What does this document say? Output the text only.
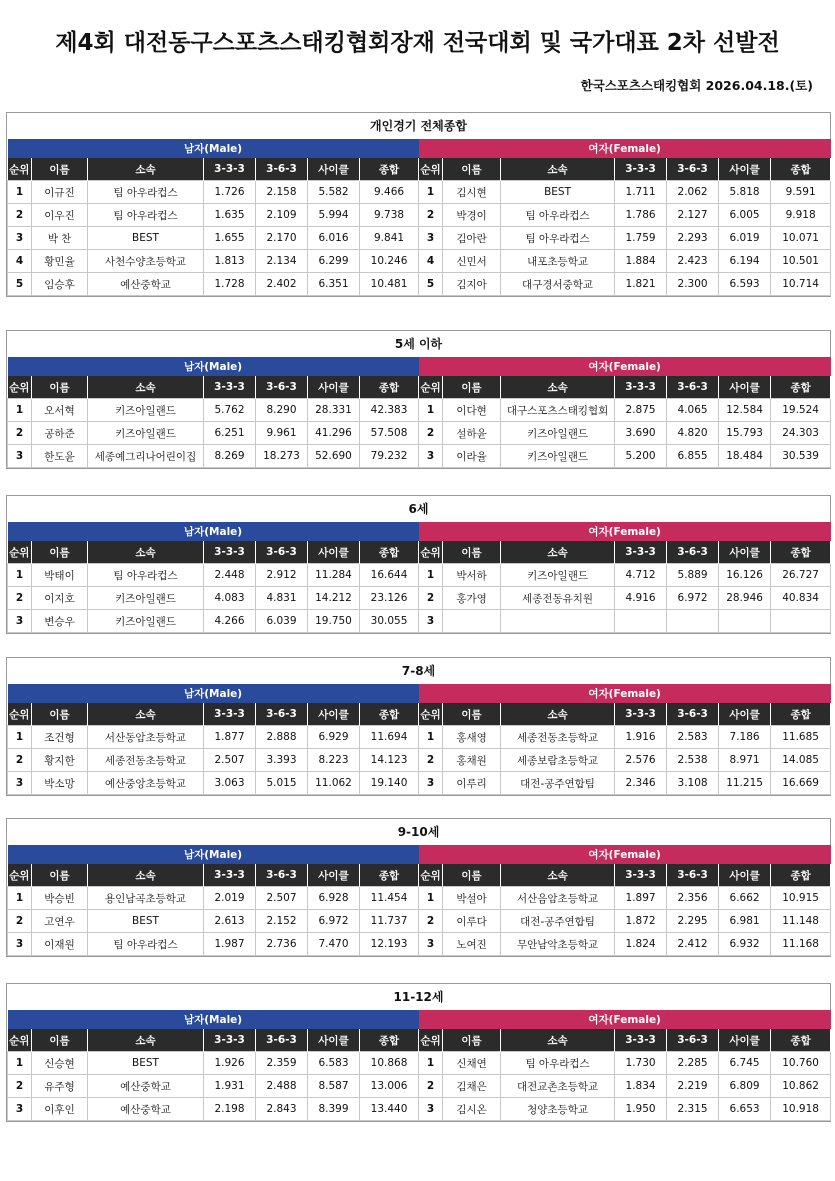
제4회 대전동구스포츠스태킹협회장재 전국대회 및 국가대표 2차 선발전
한국스포츠스태킹협회 2026.04.18.(토)
개인경기 전체종합
남자(Male)							여자(Female)						
순위	이름	소속	3-3-3	3-6-3	사이클	종합	순위	이름	소속	3-3-3	3-6-3	사이클	종합
1	이규진	팀 아우라컵스	1.726	2.158	5.582	9.466	1	김시현	BEST	1.711	2.062	5.818	9.591
2	이우진	팀 아우라컵스	1.635	2.109	5.994	9.738	2	박경이	팀 아우라컵스	1.786	2.127	6.005	9.918
3	박 찬	BEST	1.655	2.170	6.016	9.841	3	김아란	팀 아우라컵스	1.759	2.293	6.019	10.071
4	황민율	사천수양초등학교	1.813	2.134	6.299	10.246	4	신민서	내포초등학교	1.884	2.423	6.194	10.501
5	임승후	예산중학교	1.728	2.402	6.351	10.481	5	김지아	대구경서중학교	1.821	2.300	6.593	10.714
5세 이하
남자(Male)							여자(Female)						
순위	이름	소속	3-3-3	3-6-3	사이클	종합	순위	이름	소속	3-3-3	3-6-3	사이클	종합
1	오서혁	키즈아일랜드	5.762	8.290	28.331	42.383	1	이다현	대구스포츠스태킹협회	2.875	4.065	12.584	19.524
2	공하준	키즈아일랜드	6.251	9.961	41.296	57.508	2	설하윤	키즈아일랜드	3.690	4.820	15.793	24.303
3	한도윤	세종예그리나어린이집	8.269	18.273	52.690	79.232	3	이라율	키즈아일랜드	5.200	6.855	18.484	30.539
6세
남자(Male)							여자(Female)						
순위	이름	소속	3-3-3	3-6-3	사이클	종합	순위	이름	소속	3-3-3	3-6-3	사이클	종합
1	박태이	팀 아우라컵스	2.448	2.912	11.284	16.644	1	박서하	키즈아일랜드	4.712	5.889	16.126	26.727
2	이지호	키즈아일랜드	4.083	4.831	14.212	23.126	2	홍가영	세종전동유치원	4.916	6.972	28.946	40.834
3	변승우	키즈아일랜드	4.266	6.039	19.750	30.055	3						
7-8세
남자(Male)							여자(Female)						
순위	이름	소속	3-3-3	3-6-3	사이클	종합	순위	이름	소속	3-3-3	3-6-3	사이클	종합
1	조건형	서산동암초등학교	1.877	2.888	6.929	11.694	1	홍새영	세종전동초등학교	1.916	2.583	7.186	11.685
2	황지한	세종전동초등학교	2.507	3.393	8.223	14.123	2	홍채원	세종보람초등학교	2.576	2.538	8.971	14.085
3	박소망	예산중앙초등학교	3.063	5.015	11.062	19.140	3	이루리	대전-공주연합팀	2.346	3.108	11.215	16.669
9-10세
남자(Male)							여자(Female)						
순위	이름	소속	3-3-3	3-6-3	사이클	종합	순위	이름	소속	3-3-3	3-6-3	사이클	종합
1	박승빈	용인남곡초등학교	2.019	2.507	6.928	11.454	1	박설아	서산음암초등학교	1.897	2.356	6.662	10.915
2	고연우	BEST	2.613	2.152	6.972	11.737	2	이루다	대전-공주연합팀	1.872	2.295	6.981	11.148
3	이재원	팀 아우라컵스	1.987	2.736	7.470	12.193	3	노여진	무안남악초등학교	1.824	2.412	6.932	11.168
11-12세
남자(Male)							여자(Female)						
순위	이름	소속	3-3-3	3-6-3	사이클	종합	순위	이름	소속	3-3-3	3-6-3	사이클	종합
1	신승현	BEST	1.926	2.359	6.583	10.868	1	신채연	팀 아우라컵스	1.730	2.285	6.745	10.760
2	유주형	예산중학교	1.931	2.488	8.587	13.006	2	김채은	대전교촌초등학교	1.834	2.219	6.809	10.862
3	이후인	예산중학교	2.198	2.843	8.399	13.440	3	김시온	청양초등학교	1.950	2.315	6.653	10.918
